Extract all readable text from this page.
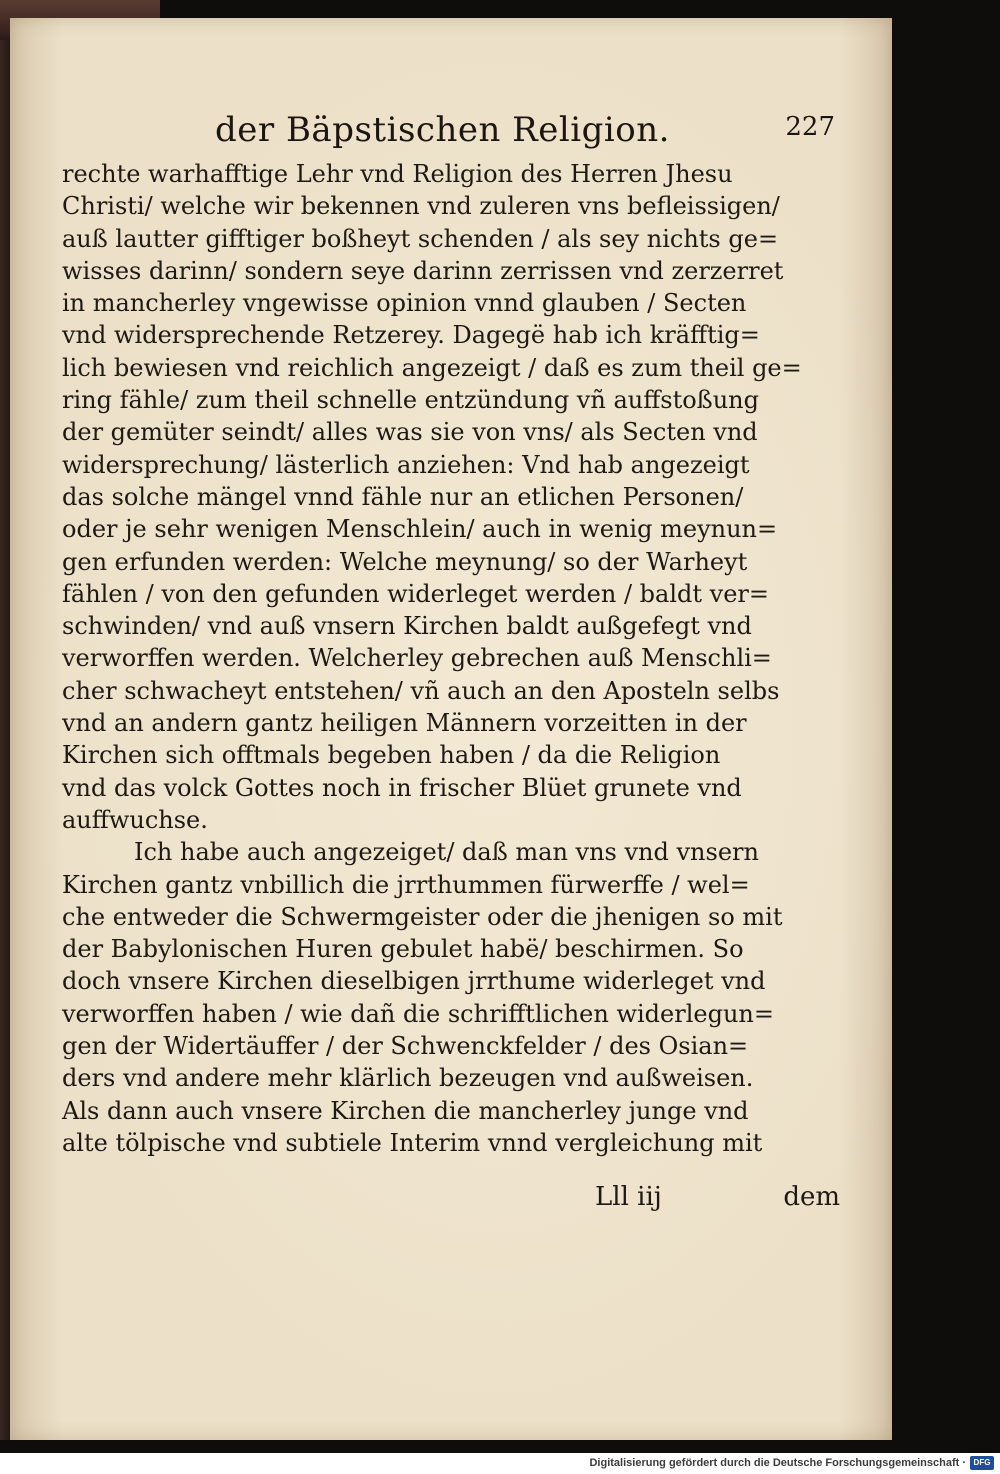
der Bäpstischen Religion.	227
rechte warhafftige Lehr vnd Religion des Herren Jhesu
Christi/ welche wir bekennen vnd zuleren vns befleissigen/
auß lautter gifftiger boßheyt schenden / als sey nichts ge=
wisses darinn/ sondern seye darinn zerrissen vnd zerzerret
in mancherley vngewisse opinion vnnd glauben / Secten
vnd widersprechende Retzerey. Dagegë hab ich kräfftig=
lich bewiesen vnd reichlich angezeigt / daß es zum theil ge=
ring fähle/ zum theil schnelle entzündung vñ auffstoßung
der gemüter seindt/ alles was sie von vns/ als Secten vnd
widersprechung/ lästerlich anziehen: Vnd hab angezeigt
das solche mängel vnnd fähle nur an etlichen Personen/
oder je sehr wenigen Menschlein/ auch in wenig meynun=
gen erfunden werden: Welche meynung/ so der Warheyt
fählen / von den gefunden widerleget werden / baldt ver=
schwinden/ vnd auß vnsern Kirchen baldt außgefegt vnd
verworffen werden. Welcherley gebrechen auß Menschli=
cher schwacheyt entstehen/ vñ auch an den Aposteln selbs
vnd an andern gantz heiligen Männern vorzeitten in der
Kirchen sich offtmals begeben haben / da die Religion
vnd das volck Gottes noch in frischer Blüet grunete vnd
auffwuchse.
Ich habe auch angezeiget/ daß man vns vnd vnsern
Kirchen gantz vnbillich die jrrthummen fürwerffe / wel=
che entweder die Schwermgeister oder die jhenigen so mit
der Babylonischen Huren gebulet habë/ beschirmen. So
doch vnsere Kirchen dieselbigen jrrthume widerleget vnd
verworffen haben / wie dañ die schrifftlichen widerlegun=
gen der Widertäuffer / der Schwenckfelder / des Osian=
ders vnd andere mehr klärlich bezeugen vnd außweisen.
Als dann auch vnsere Kirchen die mancherley junge vnd
alte tölpische vnd subtiele Interim vnnd vergleichung mit
Lll iij	dem
Digitalisierung gefördert durch die Deutsche Forschungsgemeinschaft · DFG
